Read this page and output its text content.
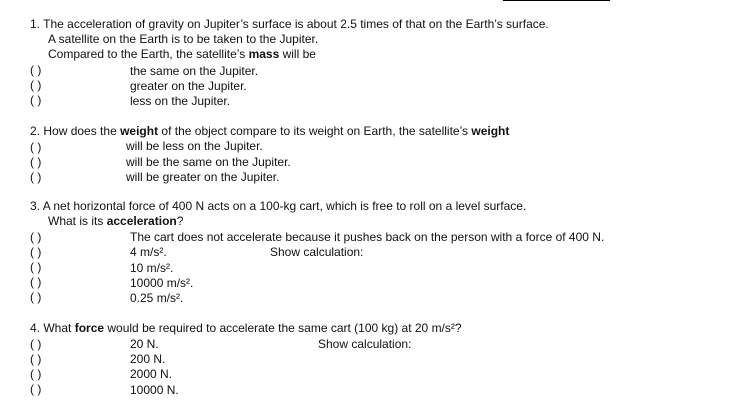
1. The acceleration of gravity on Jupiter’s surface is about 2.5 times of that on the Earth’s surface.
A satellite on the Earth is to be taken to the Jupiter.
Compared to the Earth, the satellite’s mass will be
( )
( )
( )
the same on the Jupiter.
greater on the Jupiter.
less on the Jupiter.
2. How does the weight of the object compare to its weight on Earth, the satellite’s weight
( )
( )
( )
will be less on the Jupiter.
will be the same on the Jupiter.
will be greater on the Jupiter.
3. A net horizontal force of 400 N acts on a 100-kg cart, which is free to roll on a level surface.
What is its acceleration?
( )
( )
( )
( )
( )
The cart does not accelerate because it pushes back on the person with a force of 400 N.
4 m/s².	Show calculation:
10 m/s².
10000 m/s².
0.25 m/s².
4. What force would be required to accelerate the same cart (100 kg) at 20 m/s²?
( )
( )
( )
( )
20 N.	Show calculation:
200 N.
2000 N.
10000 N.
